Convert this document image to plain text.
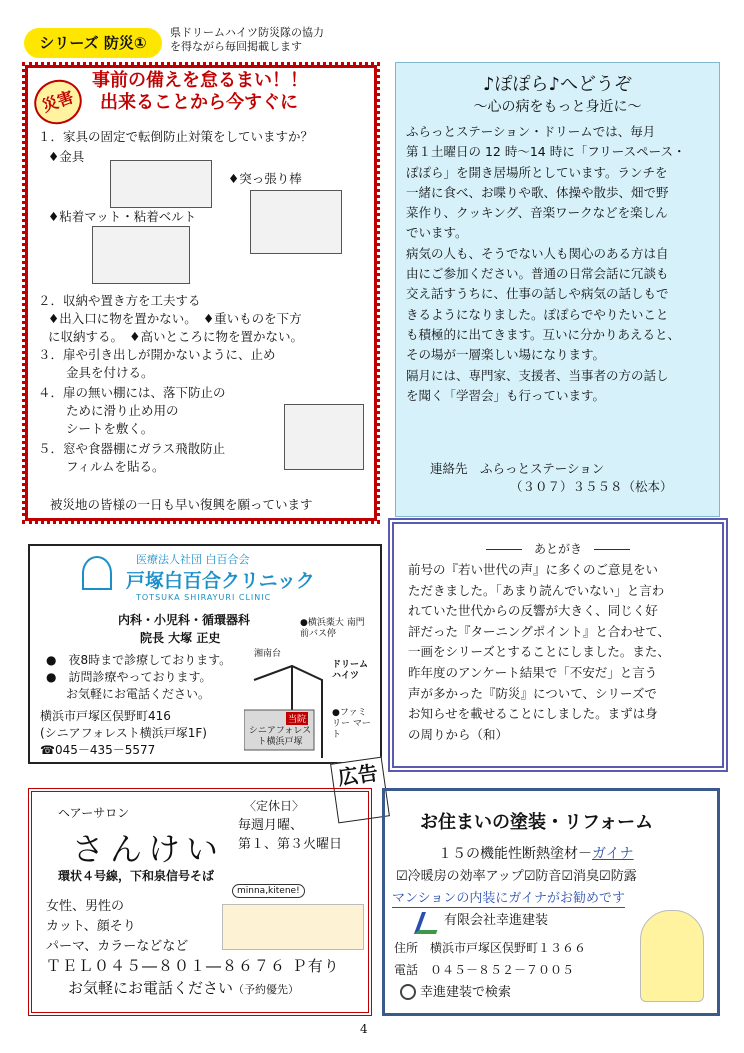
シリーズ 防災①
県ドリームハイツ防災隊の協力
を得ながら毎回掲載します
災害
事前の備えを怠るまい！！
出来ることから今すぐに
１．家具の固定で転倒防止対策をしていますか？
♦金具
♦突っ張り棒
♦粘着マット・粘着ベルト
２．収納や置き方を工夫する
♦出入口に物を置かない。　♦重いものを下方
に収納する。　♦高いところに物を置かない。
３．扉や引き出しが開かないように、止め
金具を付ける。
４．扉の無い棚には、落下防止の
ために滑り止め用の
シートを敷く。
５．窓や食器棚にガラス飛散防止
フィルムを貼る。
被災地の皆様の一日も早い復興を願っています
♪ぽぽら♪へどうぞ
～心の病をもっと身近に～
ふらっとステーション・ドリームでは、毎月
第１土曜日の 12 時～14 時に「フリースペース・
ぽぽら」を開き居場所としています。ランチを
一緒に食べ、お喋りや歌、体操や散歩、畑で野
菜作り、クッキング、音楽ワークなどを楽しん
でいます。
病気の人も、そうでない人も関心のある方は自
由にご参加ください。普通の日常会話に冗談も
交え話すうちに、仕事の話しや病気の話しもで
きるようになりました。ぽぽらでやりたいこと
も積極的に出てきます。互いに分かりあえると、
その場が一層楽しい場になります。
隔月には、専門家、支援者、当事者の方の話し
を聞く「学習会」も行っています。
連絡先　ふらっとステーション
（３０７）３５５８（松本）
医療法人社団 白百合会
戸塚白百合クリニック
TOTSUKA SHIRAYURI CLINIC
内科・小児科・循環器科
院長 大塚 正史
●　夜8時まで診療しております。
●　訪問診療やっております。
お気軽にお電話ください。
横浜市戸塚区俣野町416
(シニアフォレスト横浜戸塚1F)
☎045－435－5577
湘南台
●横浜薬大 南門前バス停
ドリーム ハイツ
●ファミリー マート
当院
シニアフォレスト横浜戸塚
―――　あとがき　―――
前号の『若い世代の声』に多くのご意見をい
ただきました。「あまり読んでいない」と言わ
れていた世代からの反響が大きく、同じく好
評だった『ターニングポイント』と合わせて、
一画をシリーズとすることにしました。また、
昨年度のアンケート結果で「不安だ」と言う
声が多かった『防災』について、シリーズで
お知らせを載せることにしました。まずは身
の周りから（和）
広告
ヘアーサロン
さんけい
〈定休日〉
毎週月曜、
第１、第３火曜日
環状４号線，下和泉信号そば
女性、男性の
カット、顔そり
パーマ、カラーなどなど
minna,kitene!
ＴＥＬ０４５―８０１―８６７６ Ｐ有り
お気軽にお電話ください（予約優先）
お住まいの塗装・リフォーム
１５の機能性断熱塗材－ガイナ
☑冷暖房の効率アップ☑防音☑消臭☑防露
マンションの内装にガイナがお勧めです
有限会社幸進建装
住所　横浜市戸塚区俣野町１３６６
電話　０４５－８５２－７００５
幸進建装で検索
4
